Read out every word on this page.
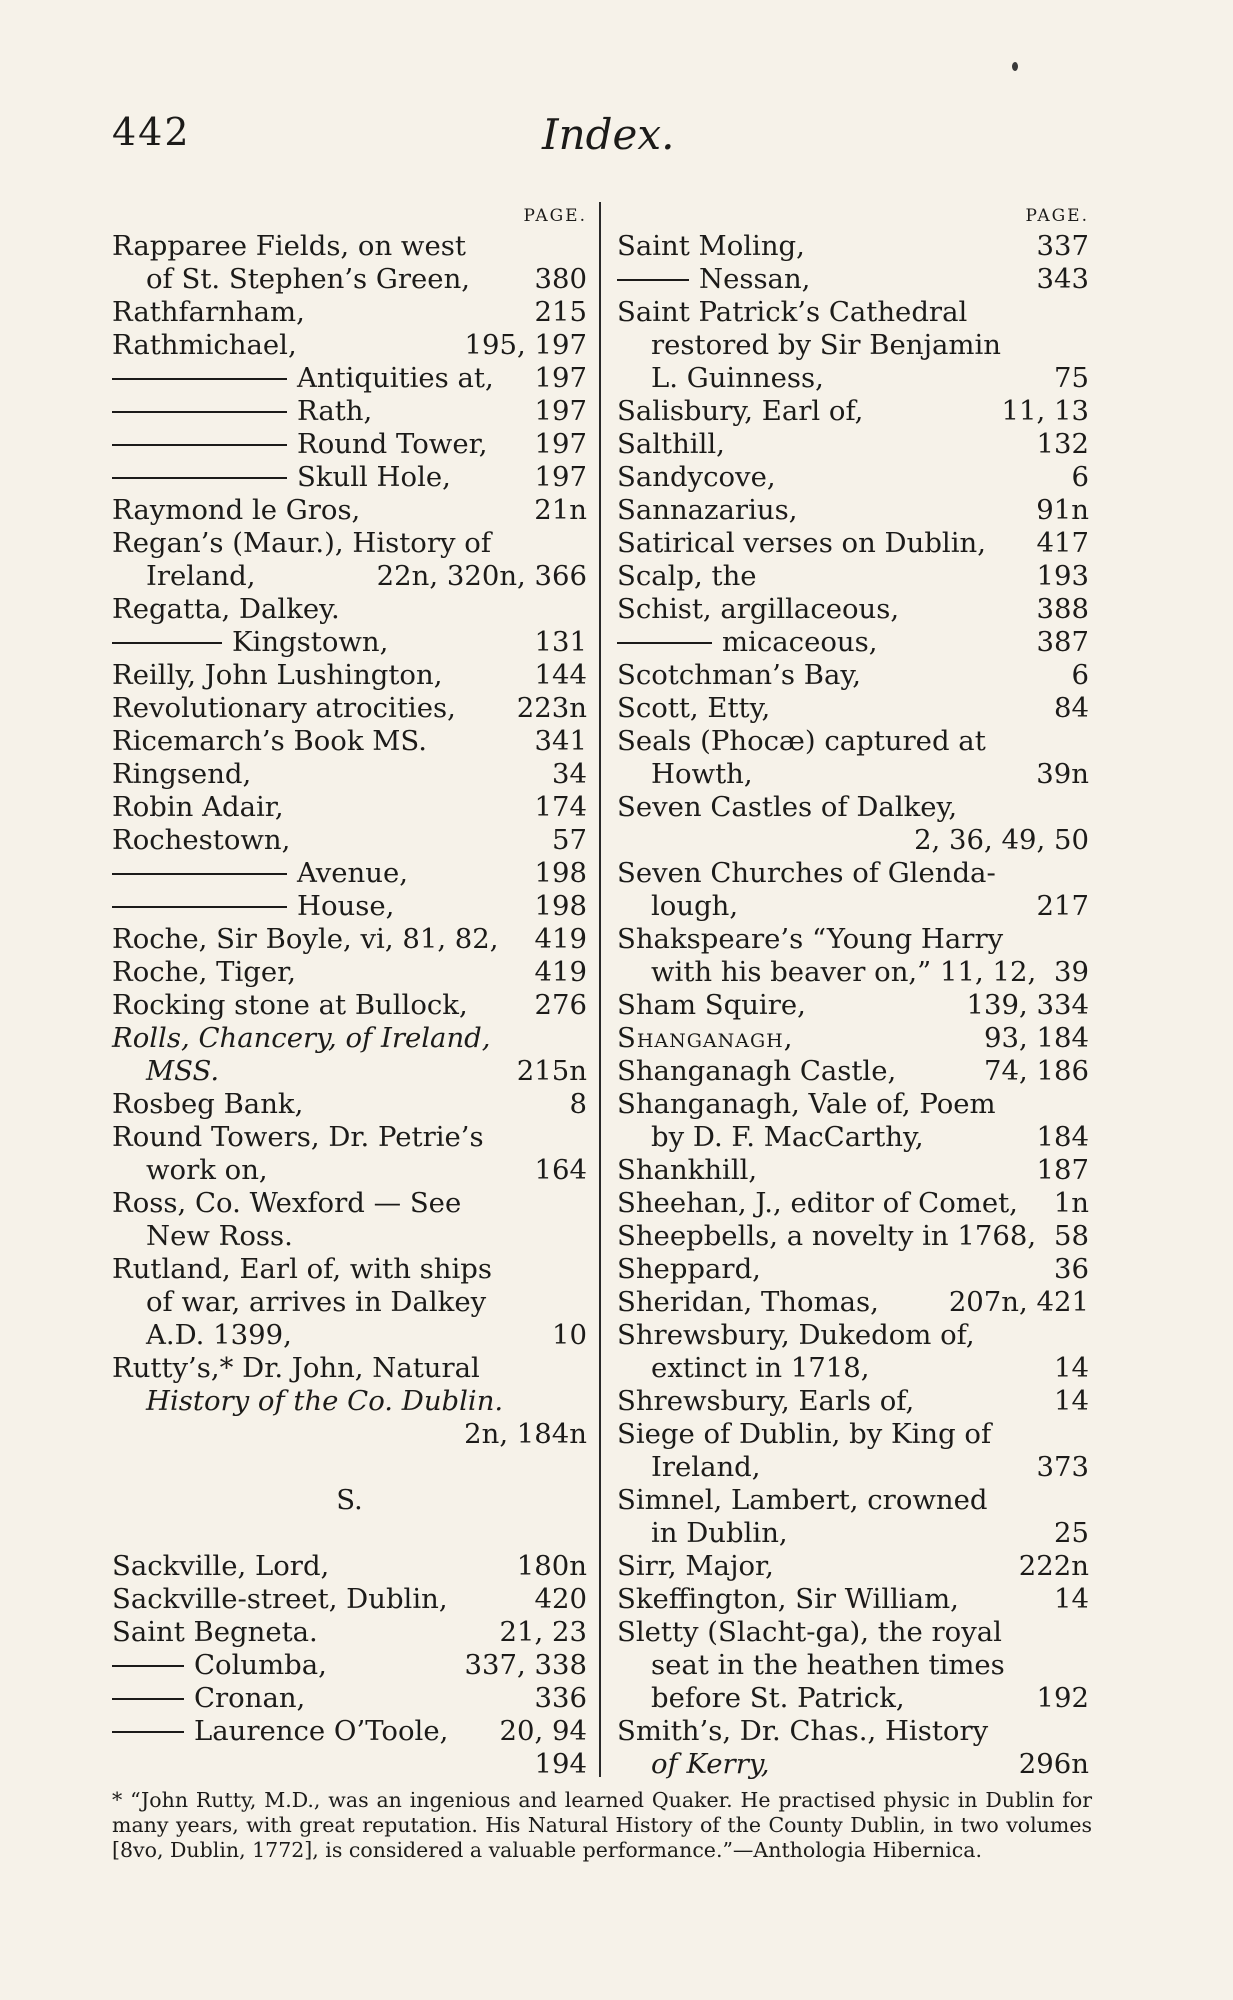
442	Index.
PAGE.
Rapparee Fields, on west
of St. Stephen’s Green, 380
Rathfarnham,	215
Rathmichael,	195, 197
Antiquities at, 197
Rath,	197
Round Tower, 197
Skull Hole,	197
Raymond le Gros,	21n
Regan’s (Maur.), History of
Ireland,	22n, 320n, 366
Regatta, Dalkey.
Kingstown,	131
Reilly, John Lushington,	144
Revolutionary atrocities, 223n
Ricemarch’s Book MS.	341
Ringsend,	34
Robin Adair,	174
Rochestown,	57
Avenue,	198
House,	198
Roche, Sir Boyle, vi, 81, 82, 419
Roche, Tiger,	419
Rocking stone at Bullock, 276
Rolls, Chancery, of Ireland,
MSS.	215n
Rosbeg Bank,	8
Round Towers, Dr. Petrie’s
work on,	164
Ross, Co. Wexford — See
New Ross.
Rutland, Earl of, with ships
of war, arrives in Dalkey
A.D. 1399,	10
Rutty’s,* Dr. John, Natural
History of the Co. Dublin.
2n, 184n
S.
Sackville, Lord,	180n
Sackville-street, Dublin,	420
Saint Begneta.	21, 23
Columba,	337, 338
Cronan,	336
Laurence O’Toole, 20, 94
194
PAGE.
Saint Moling,	337
Nessan,	343
Saint Patrick’s Cathedral
restored by Sir Benjamin
L. Guinness,	75
Salisbury, Earl of,	11, 13
Salthill,	132
Sandycove,	6
Sannazarius,	91n
Satirical verses on Dublin, 417
Scalp, the	193
Schist, argillaceous,	388
micaceous,	387
Scotchman’s Bay,	6
Scott, Etty,	84
Seals (Phocæ) captured at
Howth,	39n
Seven Castles of Dalkey,
2, 36, 49, 50
Seven Churches of Glenda-
lough,	217
Shakspeare’s “Young Harry
with his beaver on,” 11, 12, 39
Sham Squire,	139, 334
Shanganagh,	93, 184
Shanganagh Castle,	74, 186
Shanganagh, Vale of, Poem
by D. F. MacCarthy,	184
Shankhill,	187
Sheehan, J., editor of Comet, 1n
Sheepbells, a novelty in 1768, 58
Sheppard,	36
Sheridan, Thomas,	207n, 421
Shrewsbury, Dukedom of,
extinct in 1718,	14
Shrewsbury, Earls of,	14
Siege of Dublin, by King of
Ireland,	373
Simnel, Lambert, crowned
in Dublin,	25
Sirr, Major,	222n
Skeffington, Sir William,	14
Sletty (Slacht-ga), the royal
seat in the heathen times
before St. Patrick,	192
Smith’s, Dr. Chas., History
of Kerry,	296n
* “John Rutty, M.D., was an ingenious and learned Quaker. He practised physic in Dublin for many years, with great reputation. His Natural History of the County Dublin, in two volumes [8vo, Dublin, 1772], is considered a valuable performance.”—Anthologia Hibernica.
